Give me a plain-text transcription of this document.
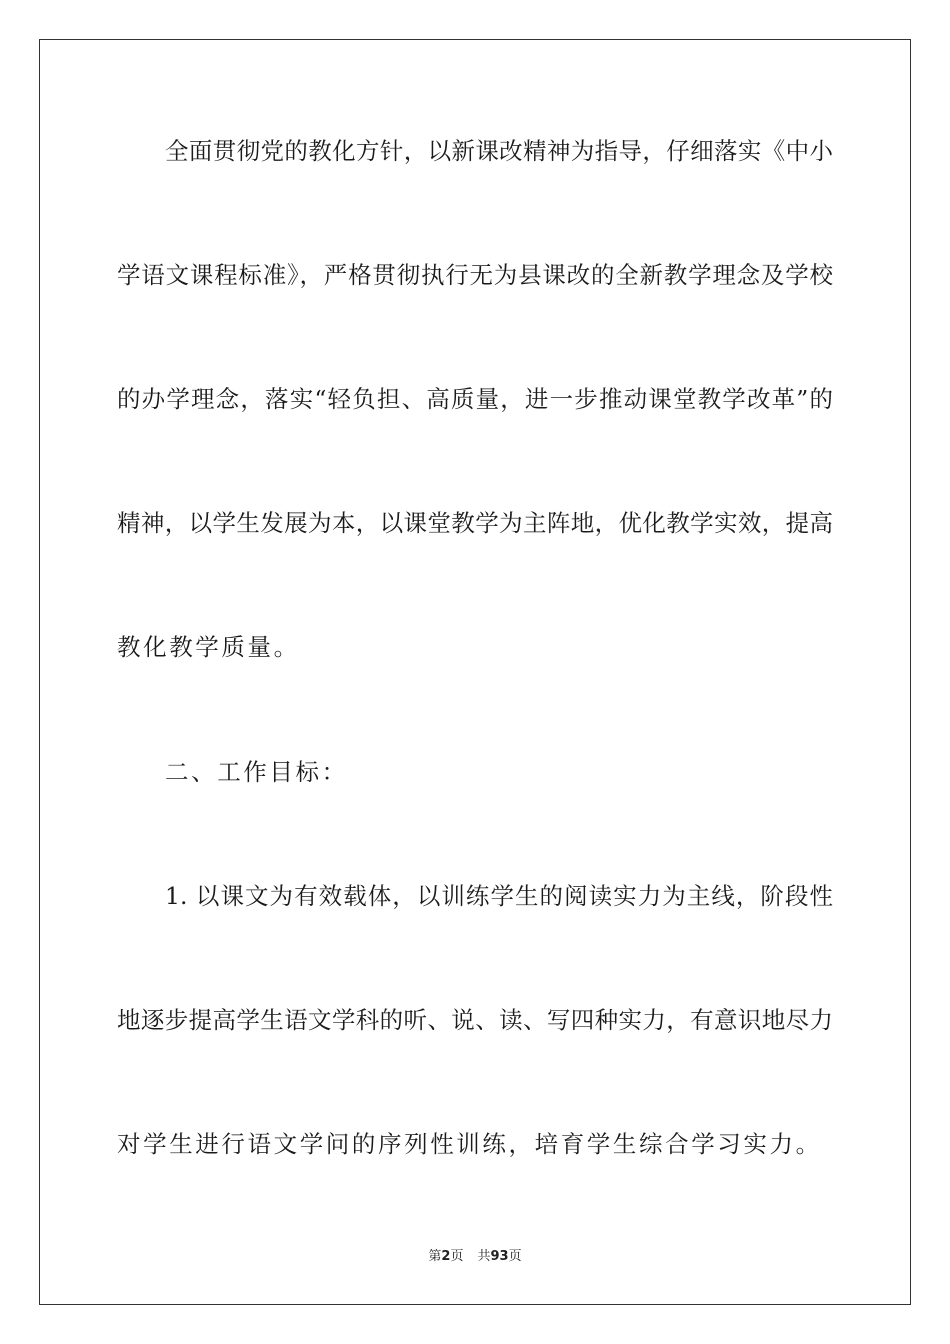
全面贯彻党的教化方针，以新课改精神为指导，仔细落实《中小
学语文课程标准》，严格贯彻执行无为县课改的全新教学理念及学校
的办学理念，落实“轻负担、高质量，进一步推动课堂教学改革”的
精神，以学生发展为本，以课堂教学为主阵地，优化教学实效，提高
教化教学质量。
二、工作目标：
1. 以课文为有效载体，以训练学生的阅读实力为主线，阶段性
地逐步提高学生语文学科的听、说、读、写四种实力，有意识地尽力
对学生进行语文学问的序列性训练，培育学生综合学习实力。
第2页 共93页
